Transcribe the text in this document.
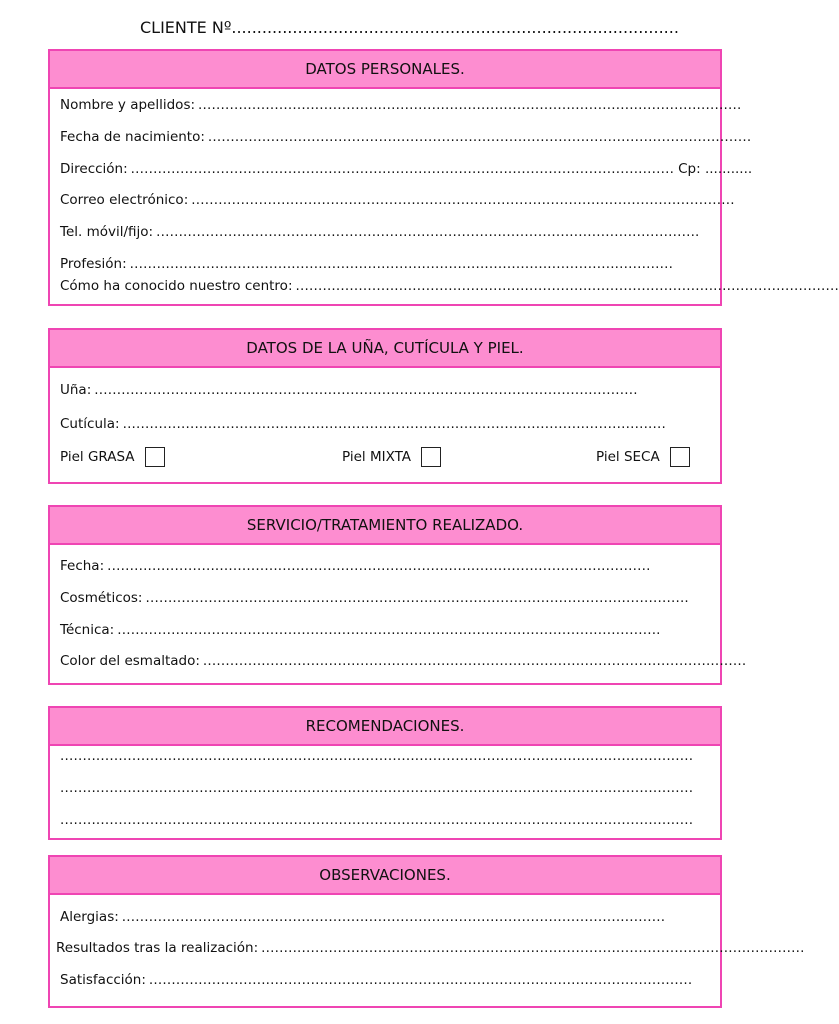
CLIENTE Nº........................................................................................
DATOS PERSONALES.
Nombre y apellidos: .........................................................................................................................
Fecha de nacimiento: .........................................................................................................................
Dirección: ......................................................................................................................... Cp: ...........
Correo electrónico: .........................................................................................................................
Tel. móvil/fijo: .........................................................................................................................
Profesión: .........................................................................................................................
Cómo ha conocido nuestro centro: .........................................................................................................................
DATOS DE LA UÑA, CUTÍCULA Y PIEL.
Uña: .........................................................................................................................
Cutícula: .........................................................................................................................
Piel GRASA	Piel MIXTA	Piel SECA
SERVICIO/TRATAMIENTO REALIZADO.
Fecha: .........................................................................................................................
Cosméticos: .........................................................................................................................
Técnica: .........................................................................................................................
Color del esmaltado: .........................................................................................................................
RECOMENDACIONES.
.............................................................................................................................................
.............................................................................................................................................
.............................................................................................................................................
OBSERVACIONES.
Alergias: .........................................................................................................................
Resultados tras la realización: .........................................................................................................................
Satisfacción: .........................................................................................................................
